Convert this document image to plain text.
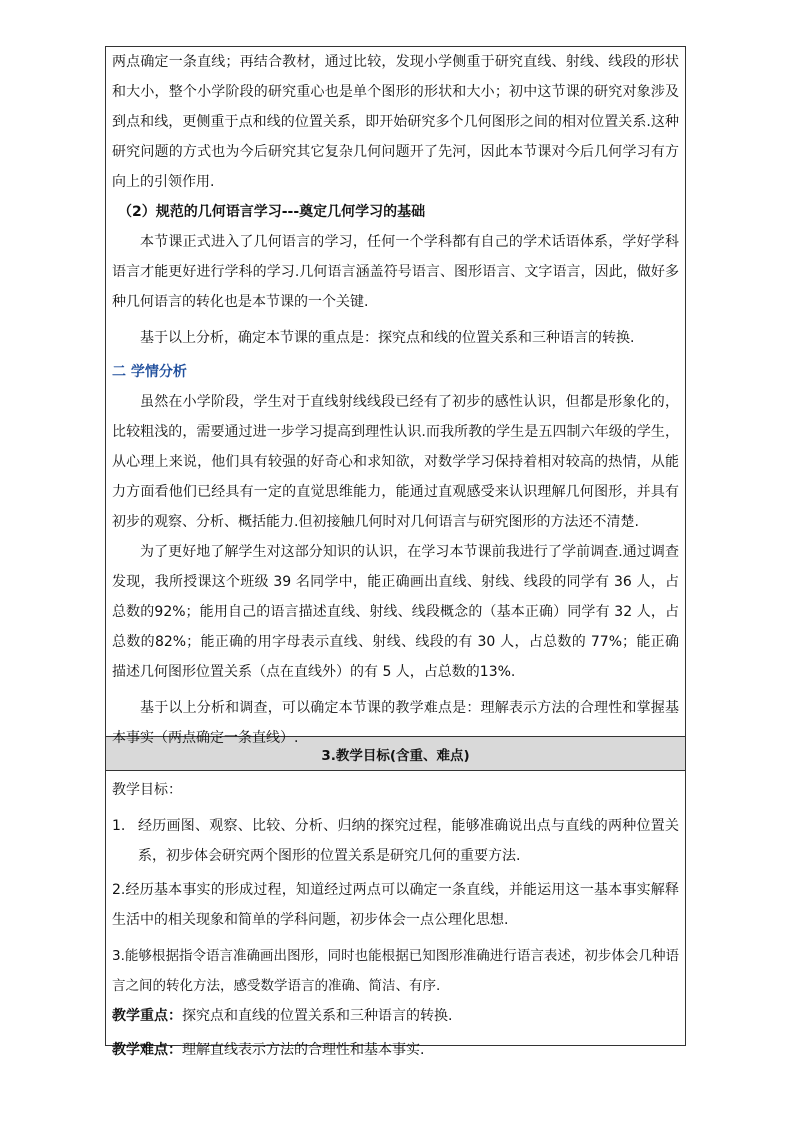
两点确定一条直线；再结合教材，通过比较，发现小学侧重于研究直线、射线、线段的形状和大小，整个小学阶段的研究重心也是单个图形的形状和大小；初中这节课的研究对象涉及到点和线，更侧重于点和线的位置关系，即开始研究多个几何图形之间的相对位置关系.这种研究问题的方式也为今后研究其它复杂几何问题开了先河，因此本节课对今后几何学习有方向上的引领作用.

（2）规范的几何语言学习---奠定几何学习的基础

本节课正式进入了几何语言的学习，任何一个学科都有自己的学术话语体系，学好学科语言才能更好进行学科的学习.几何语言涵盖符号语言、图形语言、文字语言，因此，做好多种几何语言的转化也是本节课的一个关键.

基于以上分析，确定本节课的重点是：探究点和线的位置关系和三种语言的转换.

二 学情分析

虽然在小学阶段，学生对于直线射线线段已经有了初步的感性认识，但都是形象化的，比较粗浅的，需要通过进一步学习提高到理性认识.而我所教的学生是五四制六年级的学生，从心理上来说，他们具有较强的好奇心和求知欲，对数学学习保持着相对较高的热情，从能力方面看他们已经具有一定的直觉思维能力，能通过直观感受来认识理解几何图形，并具有初步的观察、分析、概括能力.但初接触几何时对几何语言与研究图形的方法还不清楚.

为了更好地了解学生对这部分知识的认识，在学习本节课前我进行了学前调查.通过调查发现，我所授课这个班级 39 名同学中，能正确画出直线、射线、线段的同学有 36 人，占总数的92%；能用自己的语言描述直线、射线、线段概念的（基本正确）同学有 32 人，占总数的82%；能正确的用字母表示直线、射线、线段的有 30 人，占总数的 77%；能正确描述几何图形位置关系（点在直线外）的有 5 人，占总数的13%.

基于以上分析和调查，可以确定本节课的教学难点是：理解表示方法的合理性和掌握基本事实（两点确定一条直线）.

3.教学目标(含重、难点)

教学目标：

1. 经历画图、观察、比较、分析、归纳的探究过程，能够准确说出点与直线的两种位置关系，初步体会研究两个图形的位置关系是研究几何的重要方法.

2.经历基本事实的形成过程，知道经过两点可以确定一条直线，并能运用这一基本事实解释生活中的相关现象和简单的学科问题，初步体会一点公理化思想.

3.能够根据指令语言准确画出图形，同时也能根据已知图形准确进行语言表述，初步体会几种语言之间的转化方法，感受数学语言的准确、简洁、有序.

教学重点：探究点和直线的位置关系和三种语言的转换.

教学难点：理解直线表示方法的合理性和基本事实.
